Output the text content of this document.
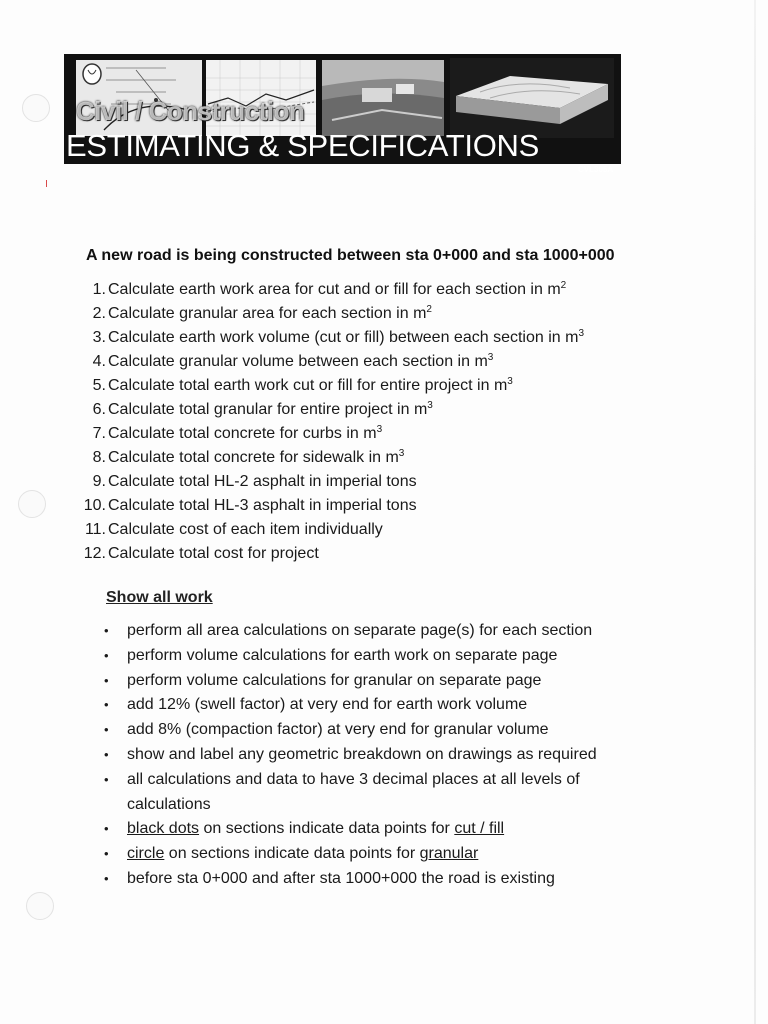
Civil / Construction
ESTIMATING & SPECIFICATIONS
CVL305A

A new road is being constructed between sta 0+000 and sta 1000+000

1. Calculate earth work area for cut and or fill for each section in $m^2$
2. Calculate granular area for each section in $m^2$
3. Calculate earth work volume (cut or fill) between each section in $m^3$
4. Calculate granular volume between each section in $m^3$
5. Calculate total earth work cut or fill for entire project in $m^3$
6. Calculate total granular for entire project in $m^3$
7. Calculate total concrete for curbs in $m^3$
8. Calculate total concrete for sidewalk in $m^3$
9. Calculate total HL-2 asphalt in imperial tons
10. Calculate total HL-3 asphalt in imperial tons
11. Calculate cost of each item individually
12. Calculate total cost for project

Show all work

•	perform all area calculations on separate page(s) for each section
•	perform volume calculations for earth work on separate page
•	perform volume calculations for granular on separate page
•	add 12% (swell factor) at very end for earth work volume
•	add 8% (compaction factor) at very end for granular volume
•	show and label any geometric breakdown on drawings as required
•	all calculations and data to have 3 decimal places at all levels of calculations
•	black dots on sections indicate data points for cut / fill
•	circle on sections indicate data points for granular
•	before sta 0+000 and after sta 1000+000 the road is existing
